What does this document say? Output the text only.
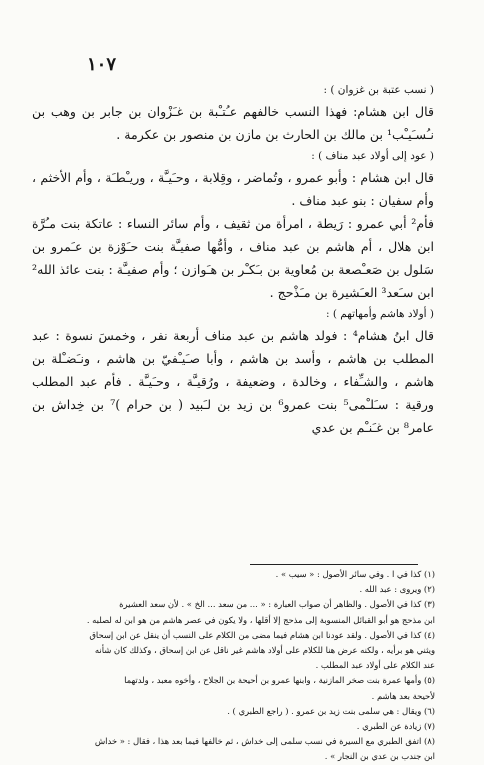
١٠٧

( نسب عتبة بن غزوان ) :

قال ابن هشام: فهذا النسب خالفهم عـُتـْبة بن غـَزْوان بن جابر بن وهب بن نـُسـَيـْب¹ بن مالك بن الحارث بن مازن بن منصور بن عكرمة .

( عود إلى أولاد عبد مناف ) :

قال ابن هشام : وأبو عمرو ، وتُماضر ، وقِلابة ، وحـَيـَّة ، وريـْطـَة ، وأم الأخثم ، وأم سفيان : بنو عبد مناف .

فأم² أبي عمرو : رَيطة ، امرأة من ثقيف ، وأم سائر النساء : عاتكة بنت مـُرَّة ابن هلال ، أم هاشم بن عبد مناف ، وأمُّها صفيـَّة بنت حـَوْزة بن عـَمرو بن سَلول بن صَعـْصعة بن مُعاوية بن بـَكـْر بن هـَوازن ؛ وأم صفيـَّة : بنت عائذ الله² ابن سـَعد³ العـَشيرة بن مـَذْحج .

( أولاد هاشم وأمهاتهم ) :

قال ابنُ هشام⁴ : فولد هاشم بن عبد مناف أربعة نفر ، وخمسَ نسوة : عبد المطلب بن هاشم ، وأسد بن هاشم ، وأبا صـَيـْفيّ بن هاشم ، ونـَضـْلة بن هاشم ، والشـِّفاء ، وخالدة ، وضعيفة ، ورُقيـَّة ، وحـَيـَّة . فأم عبد المطلب ورقية : سـَلـْمى⁵ بنت عمرو⁶ بن زيد بن لـَبيد ( بن حرام )⁷ بن خِداش بن عامر⁸ بن غـَنـْم بن عدي

(١) كذا في ا . وفي سائر الأصول : « سيب » .

(٢) ويروى : عبد الله .

(٣) كذا في الأصول . والظاهر أن صواب العبارة : « ... من سعد ... الخ » . لأن سعد العشيرة

ابن مذحج هو أبو القبائل المنسوبة إلى مذحج إلا أقلها ، ولا يكون في عصر هاشم من هو ابن له لصلبه .

(٤) كذا في الأصول . ولقد عودنا ابن هشام فيما مضى من الكلام على النسب أن ينقل عن ابن إسحاق

ويثني هو برأيه ، ولكنه عرض هنا للكلام على أولاد هاشم غير ناقل عن ابن إسحاق ، وكذلك كان شأنه

عند الكلام على أولاد عبد المطلب .

(٥) وأمها عمرة بنت صخر المازنية ، وابنها عمرو بن أحيحة بن الجلاح ، وأخوه معبد ، ولدتهما

لأحيحة بعد هاشم .

(٦) ويقال : هي سلمى بنت زيد بن عمرو . ( راجع الطبري ) .

(٧) زيادة عن الطبري .

(٨) اتفق الطبري مع السيرة في نسب سلمى إلى خداش ، ثم خالفها فيما بعد هذا ، فقال : « خداش

ابن جندب بن عدي بن النجار » .
